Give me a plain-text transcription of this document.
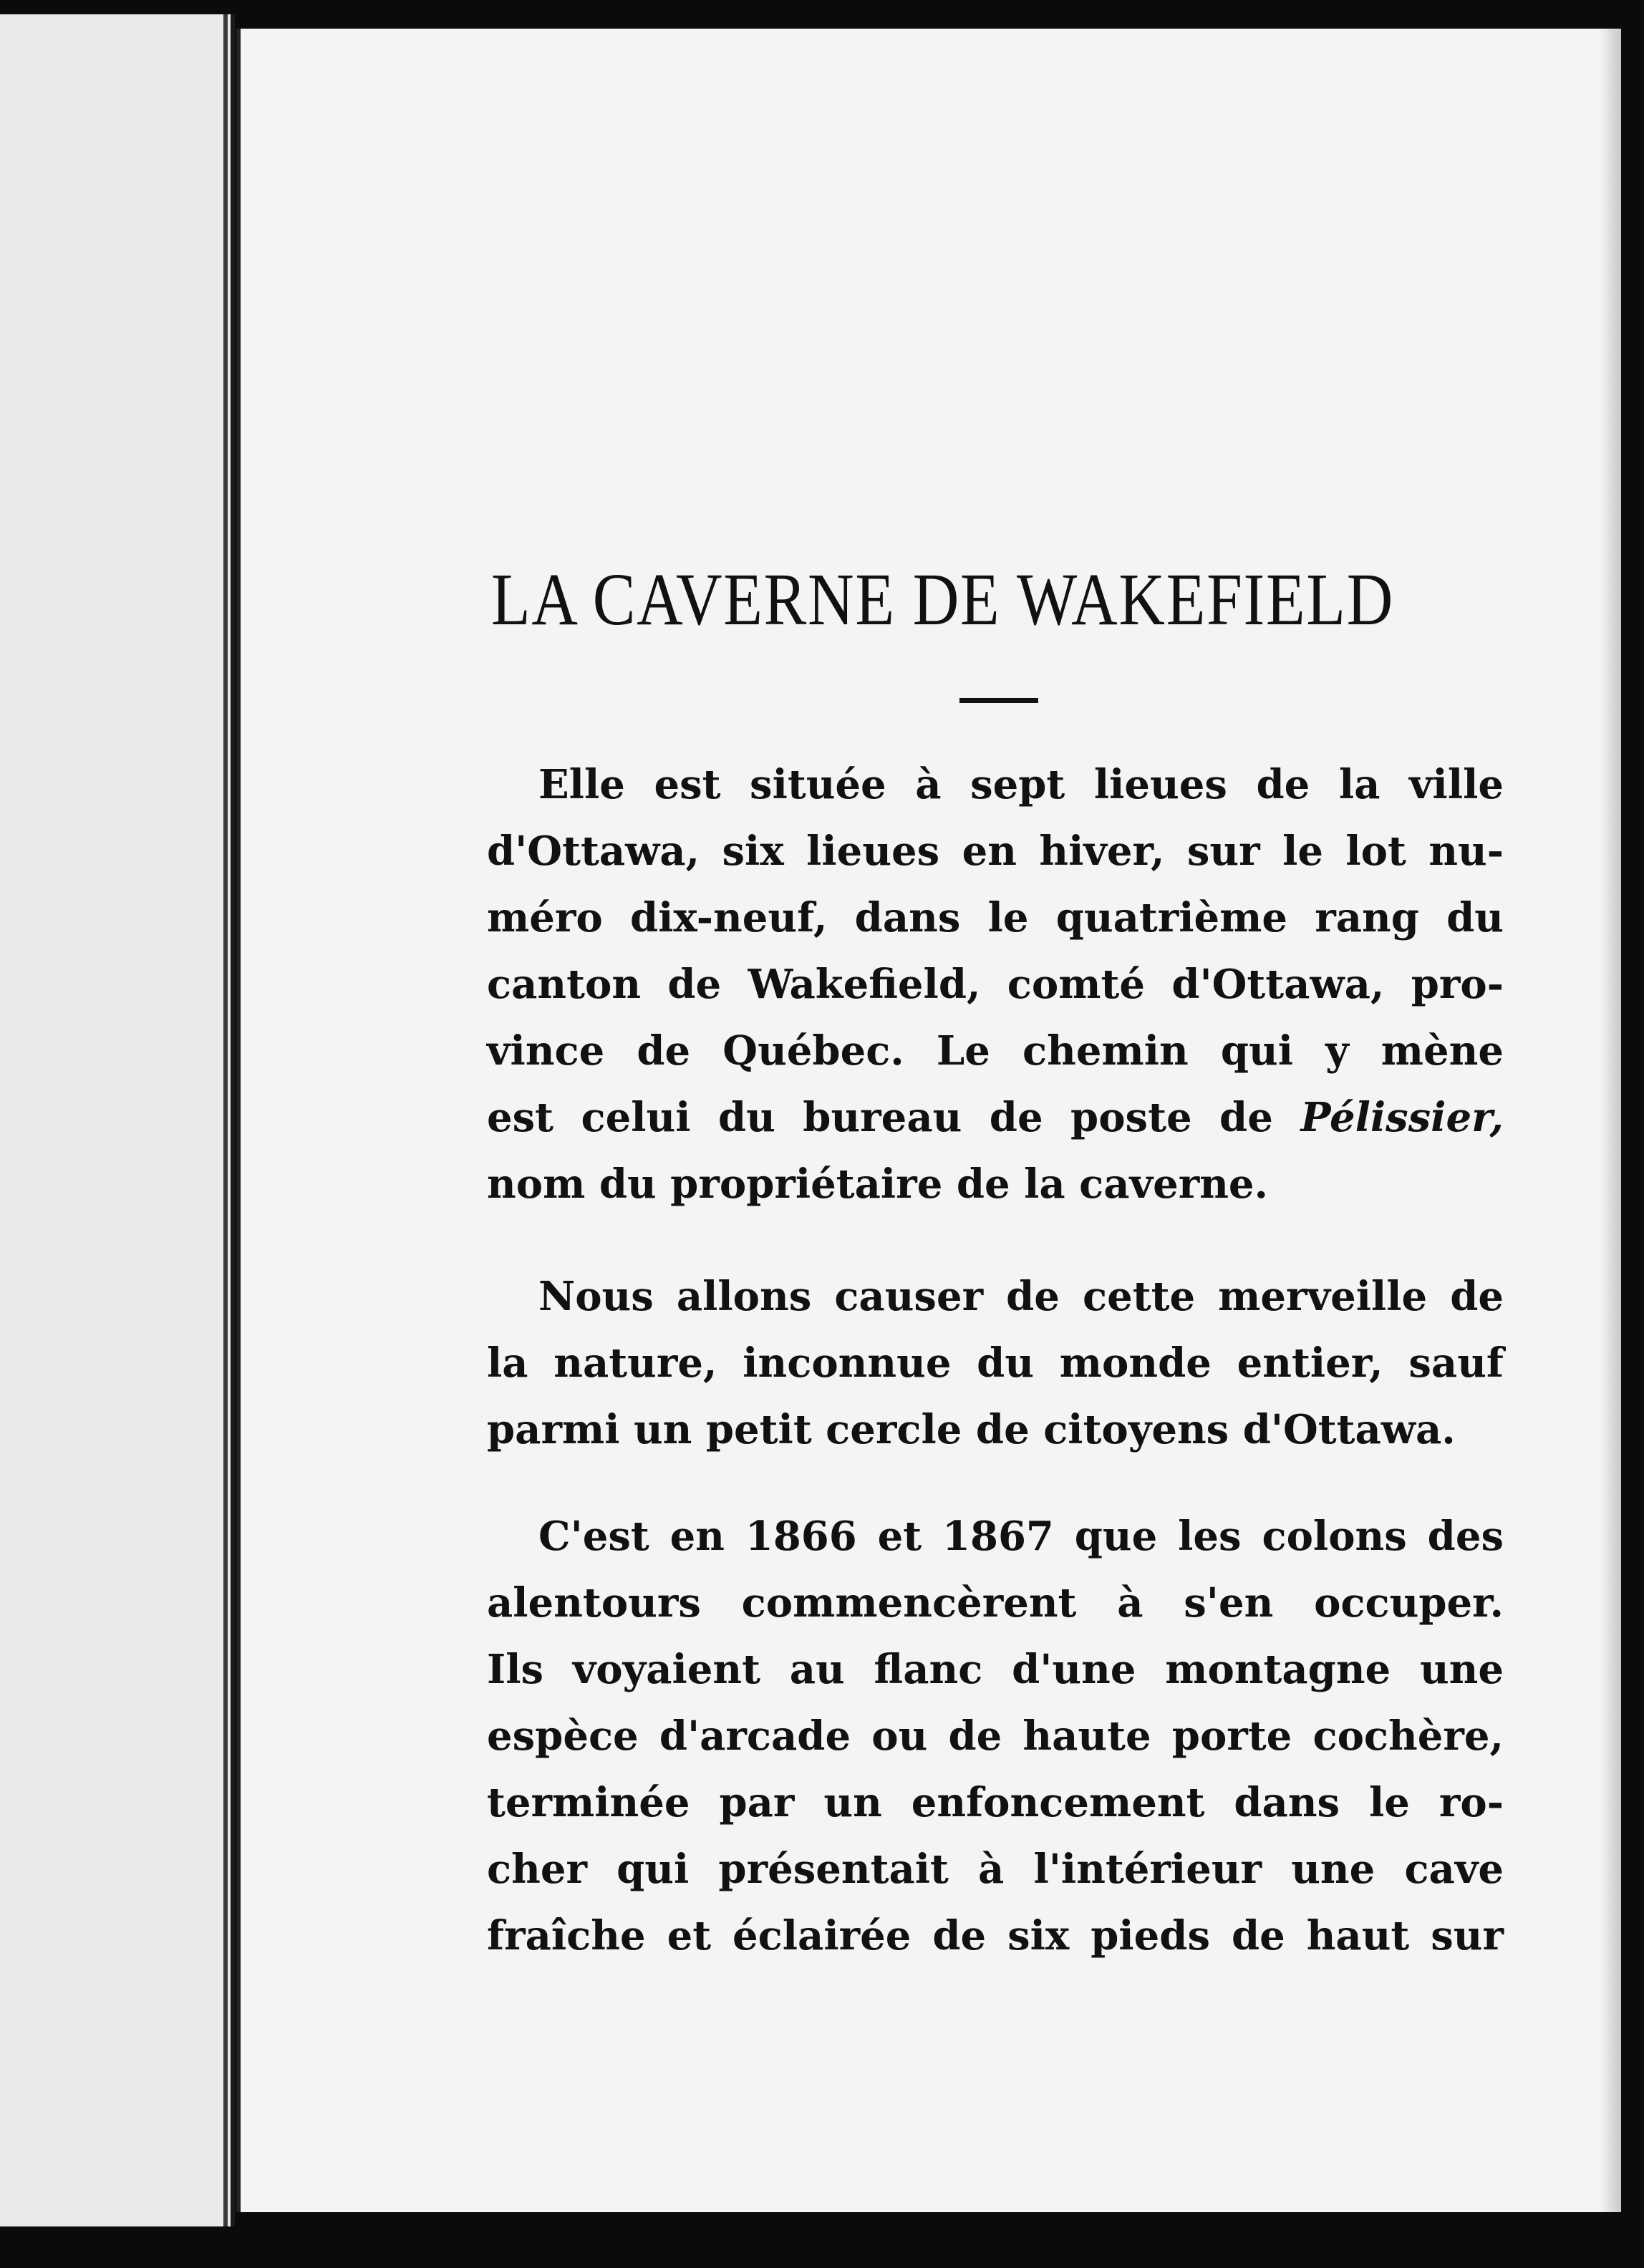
LA CAVERNE DE WAKEFIELD
Elle est située à sept lieues de la ville
d'Ottawa, six lieues en hiver, sur le lot nu-
méro dix-neuf, dans le quatrième rang du
canton de Wakefield, comté d'Ottawa, pro-
vince de Québec. Le chemin qui y mène
est celui du bureau de poste de Pélissier,
nom du propriétaire de la caverne.
Nous allons causer de cette merveille de
la nature, inconnue du monde entier, sauf
parmi un petit cercle de citoyens d'Ottawa.
C'est en 1866 et 1867 que les colons des
alentours commencèrent à s'en occuper.
Ils voyaient au flanc d'une montagne une
espèce d'arcade ou de haute porte cochère,
terminée par un enfoncement dans le ro-
cher qui présentait à l'intérieur une cave
fraîche et éclairée de six pieds de haut sur
